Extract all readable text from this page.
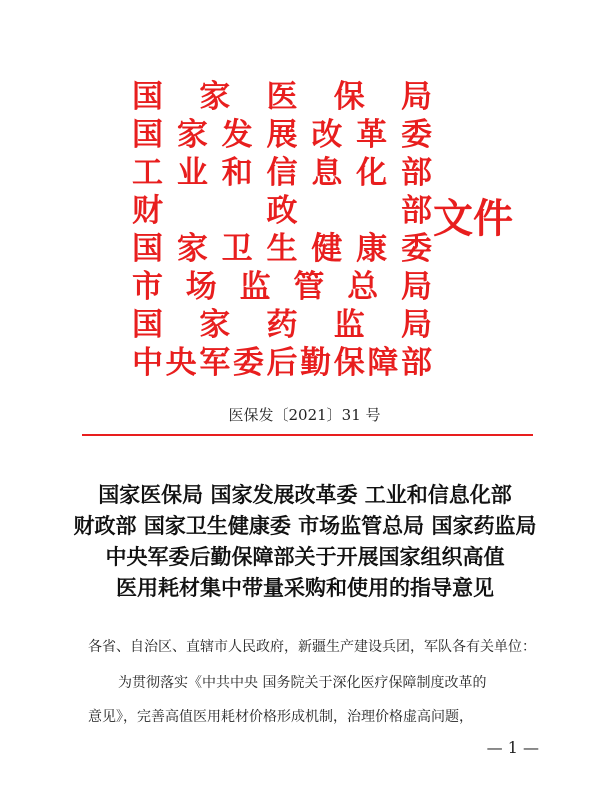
国 家 医 保 局
国 家 发 展 改 革 委
工 业 和 信 息 化 部
财	政	部
国 家 卫 生 健 康 委
市 场 监 管 总 局
国 家 药 监 局
中 央 军 委 后 勤 保 障 部
文件
医保发〔2021〕31 号
国家医保局 国家发展改革委 工业和信息化部
财政部 国家卫生健康委 市场监管总局 国家药监局
中央军委后勤保障部关于开展国家组织高值
医用耗材集中带量采购和使用的指导意见
各省、自治区、直辖市人民政府，新疆生产建设兵团，军队各有关单位：
为贯彻落实《中共中央 国务院关于深化医疗保障制度改革的
意见》，完善高值医用耗材价格形成机制，治理价格虚高问题，
— 1 —
